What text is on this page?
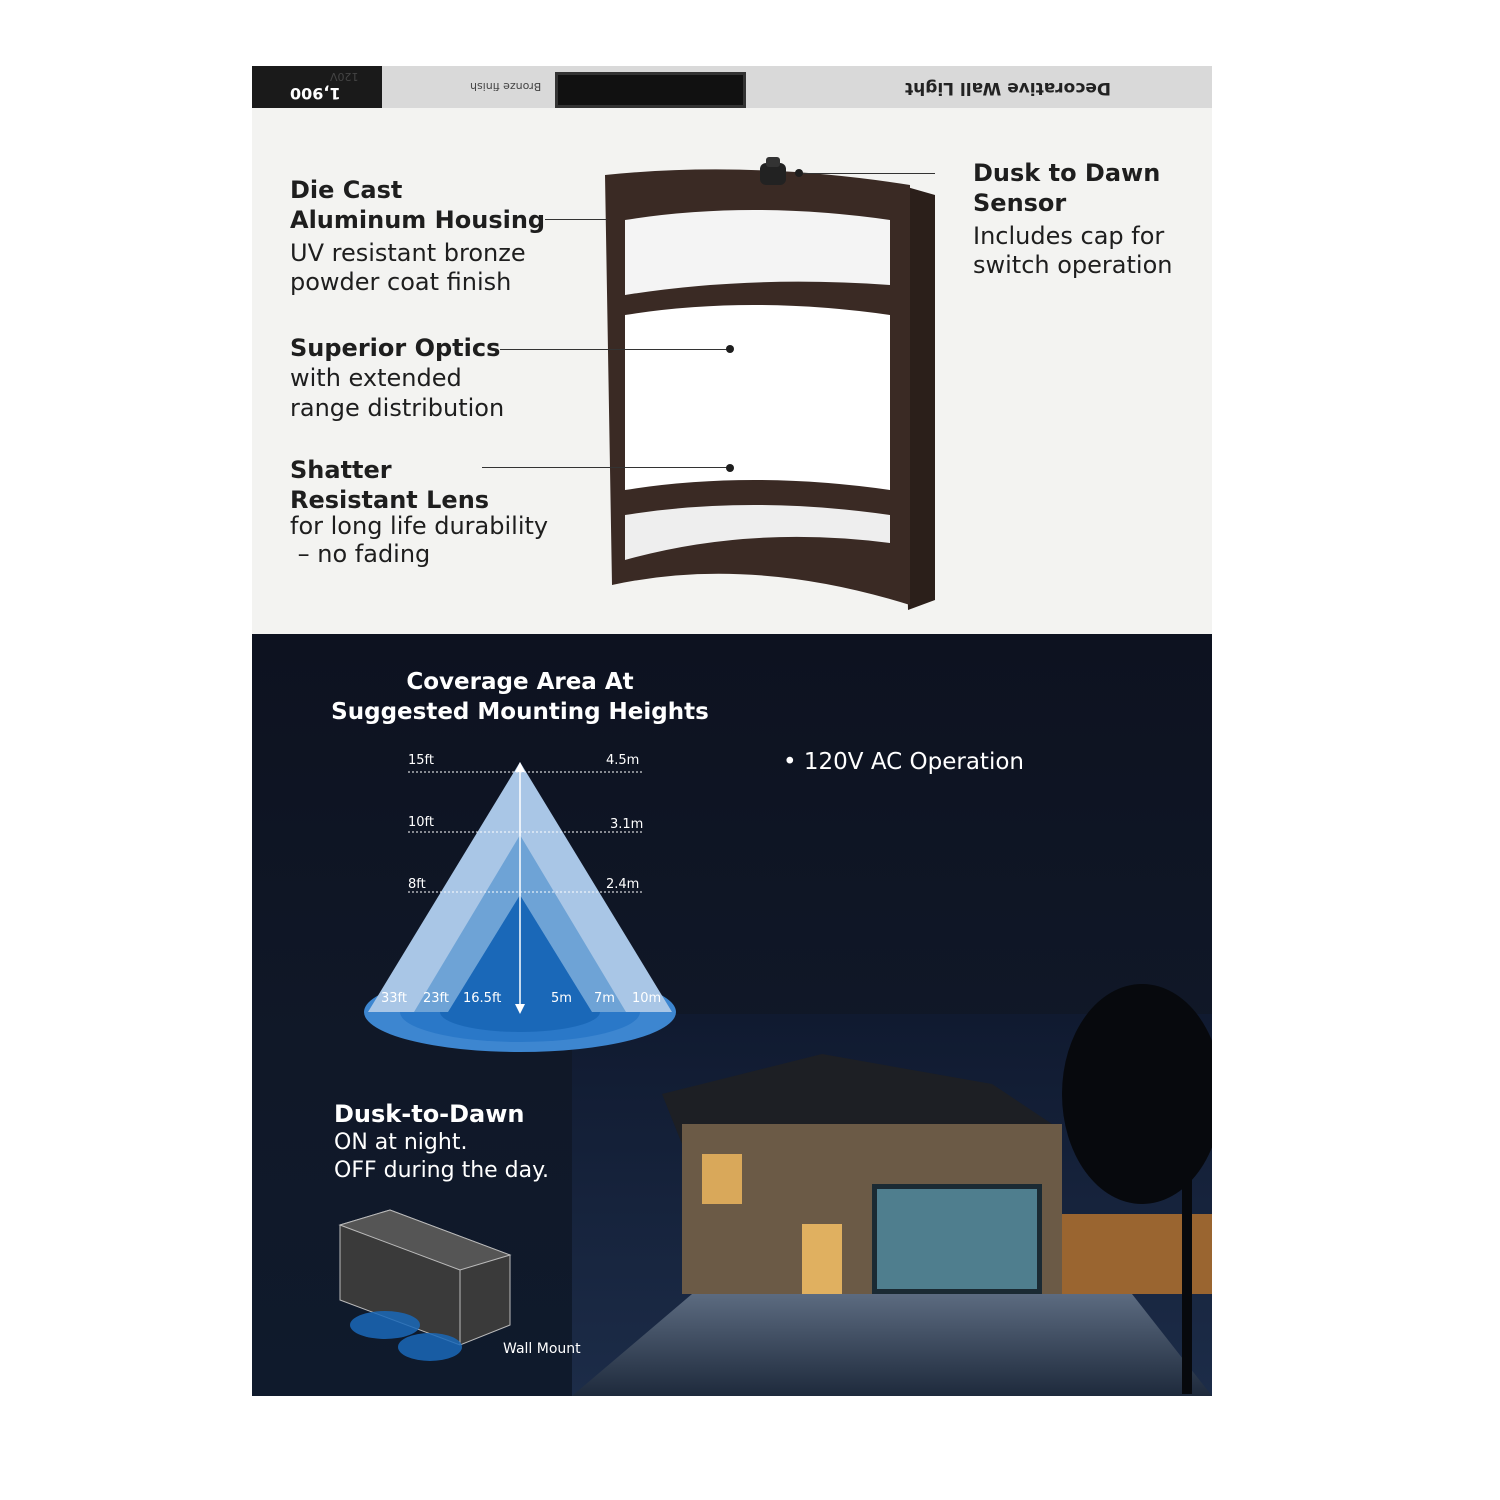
1,900	Decorative Wall Light
Bronze finish
120V
Die Cast
Aluminum Housing
UV resistant bronze
powder coat finish
Superior Optics
with extended
range distribution
Shatter
Resistant Lens
for long life durability
– no fading
Dusk to Dawn
Sensor
Includes cap for
switch operation
Coverage Area At
Suggested Mounting Heights
15ft	4.5m
10ft	3.1m
8ft	2.4m
33ft 23ft 16.5ft	5m 7m 10m
• 120V AC Operation
Dusk-to-Dawn
ON at night.
OFF during the day.
Wall Mount
